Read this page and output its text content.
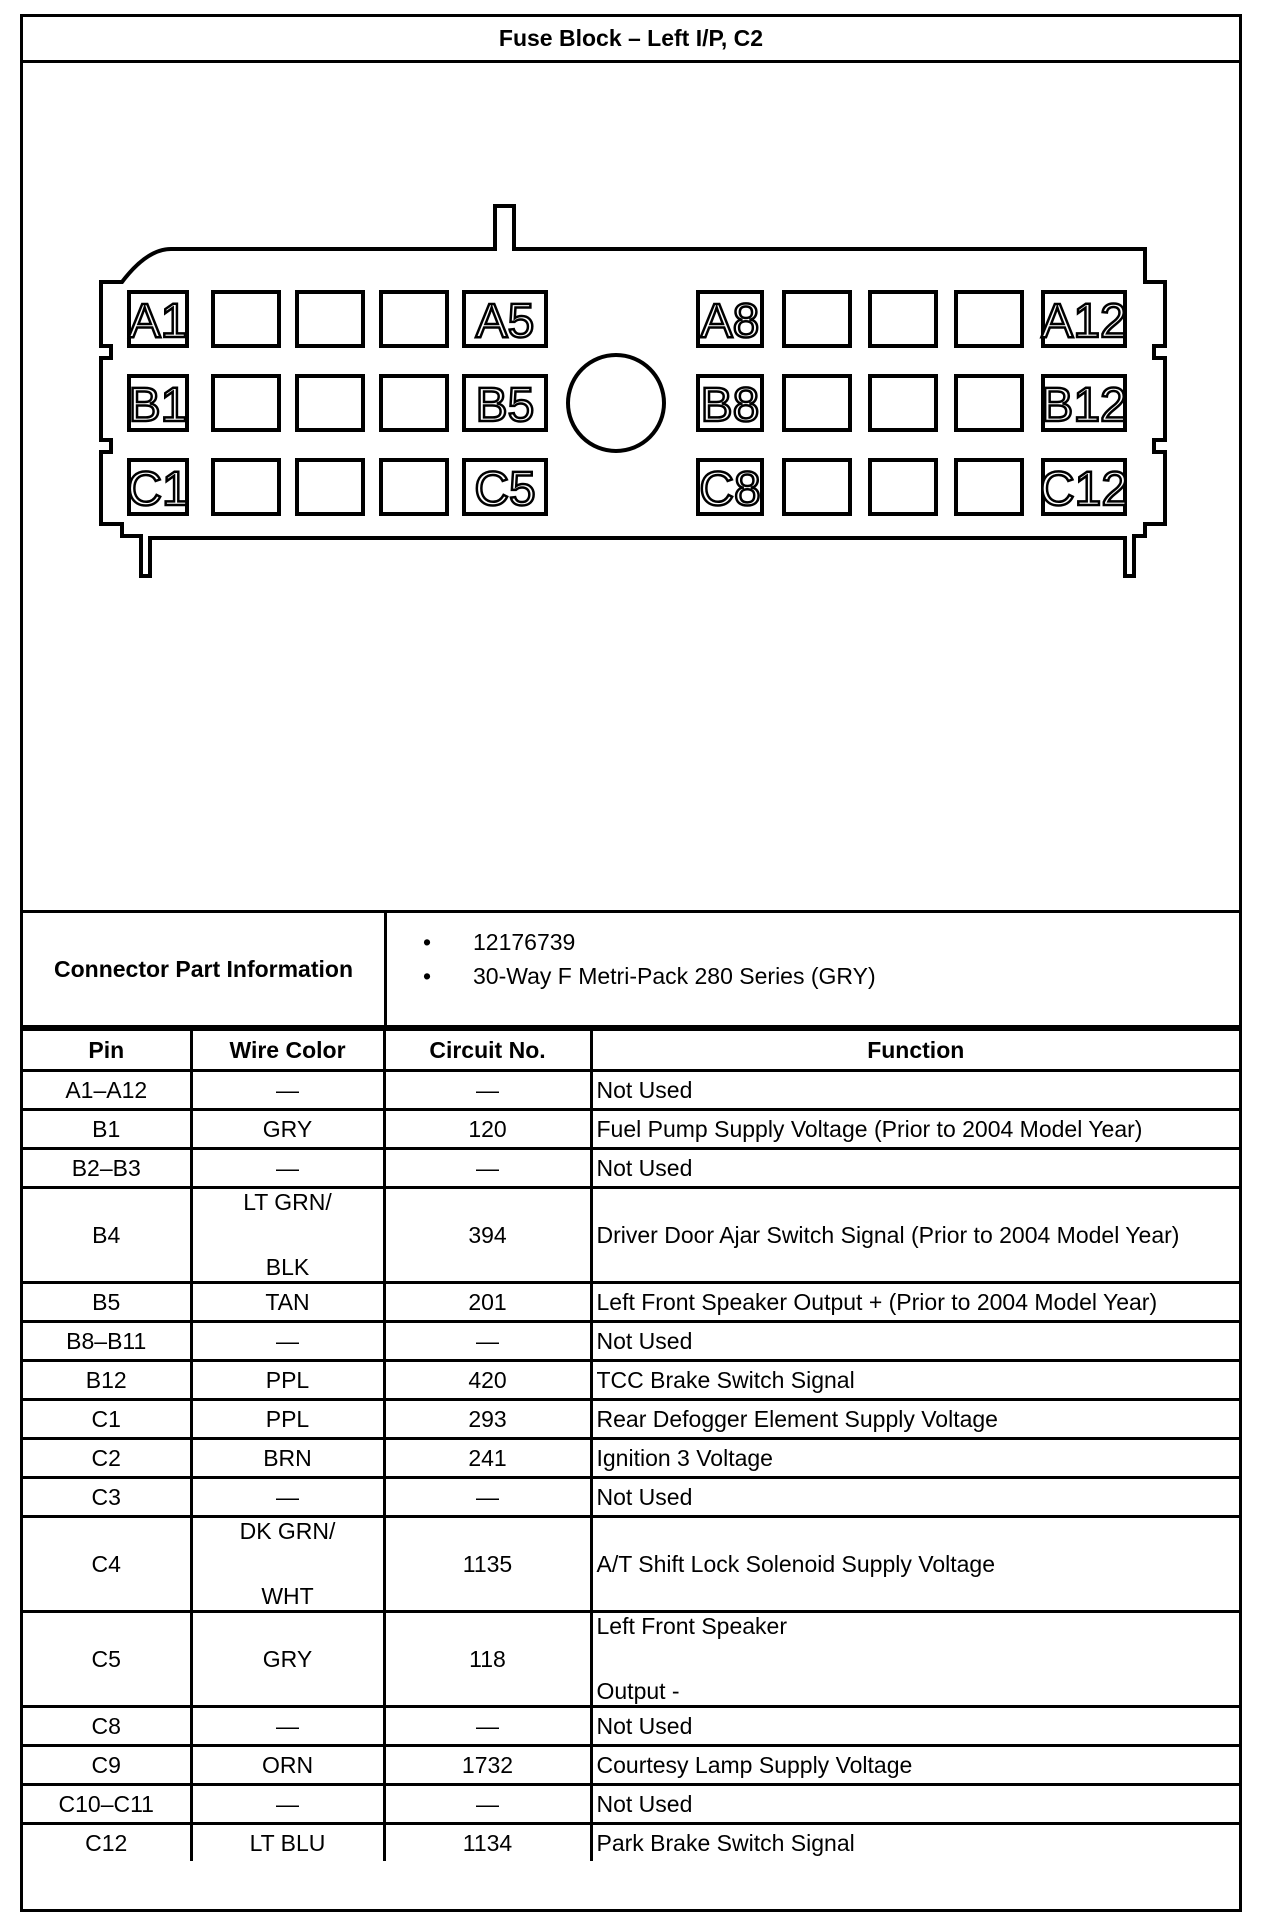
Fuse Block – Left I/P, C2
A1	A5	A8	A12
B1	B5	B8	B12
C1	C5	C8	C12
Connector Part Information
• 12176739
• 30-Way F Metri-Pack 280 Series (GRY)
Pin	Wire Color	Circuit No.	Function
A1–A12	—	—	Not Used
B1	GRY	120	Fuel Pump Supply Voltage (Prior to 2004 Model Year)
B2–B3	—	—	Not Used
B4	LT GRN/
BLK	394	Driver Door Ajar Switch Signal (Prior to 2004 Model Year)
B5	TAN	201	Left Front Speaker Output + (Prior to 2004 Model Year)
B8–B11	—	—	Not Used
B12	PPL	420	TCC Brake Switch Signal
C1	PPL	293	Rear Defogger Element Supply Voltage
C2	BRN	241	Ignition 3 Voltage
C3	—	—	Not Used
C4	DK GRN/
WHT	1135	A/T Shift Lock Solenoid Supply Voltage
C5	GRY	118	Left Front Speaker
Output -

C8	—	—	Not Used
C9	ORN	1732	Courtesy Lamp Supply Voltage
C10–C11	—	—	Not Used
C12	LT BLU	1134	Park Brake Switch Signal
